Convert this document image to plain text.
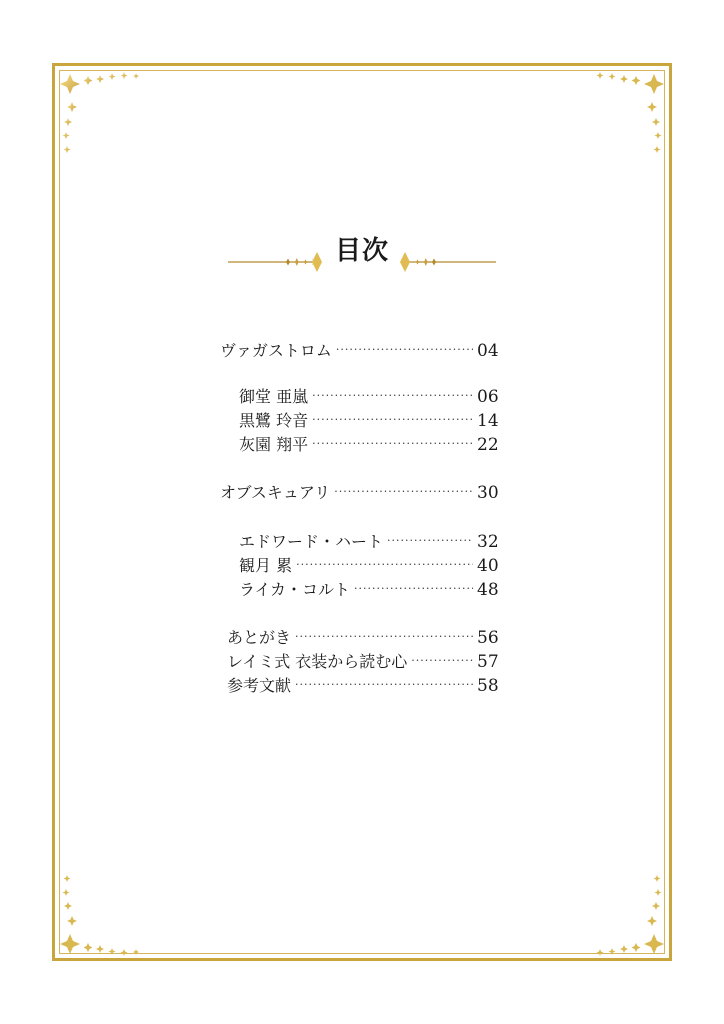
目次
ヴァガストロム ·····	04
御堂 亜嵐 ·····	06
黒鷺 玲音 ·····	14
灰園 翔平 ·····	22
オブスキュアリ ·····	30
エドワード・ハート ·····	32
観月 累 ·····	40
ライカ・コルト ·····	48
あとがき ·····	56
レイミ式 衣装から読む心 ·····	57
参考文献 ·····	58
